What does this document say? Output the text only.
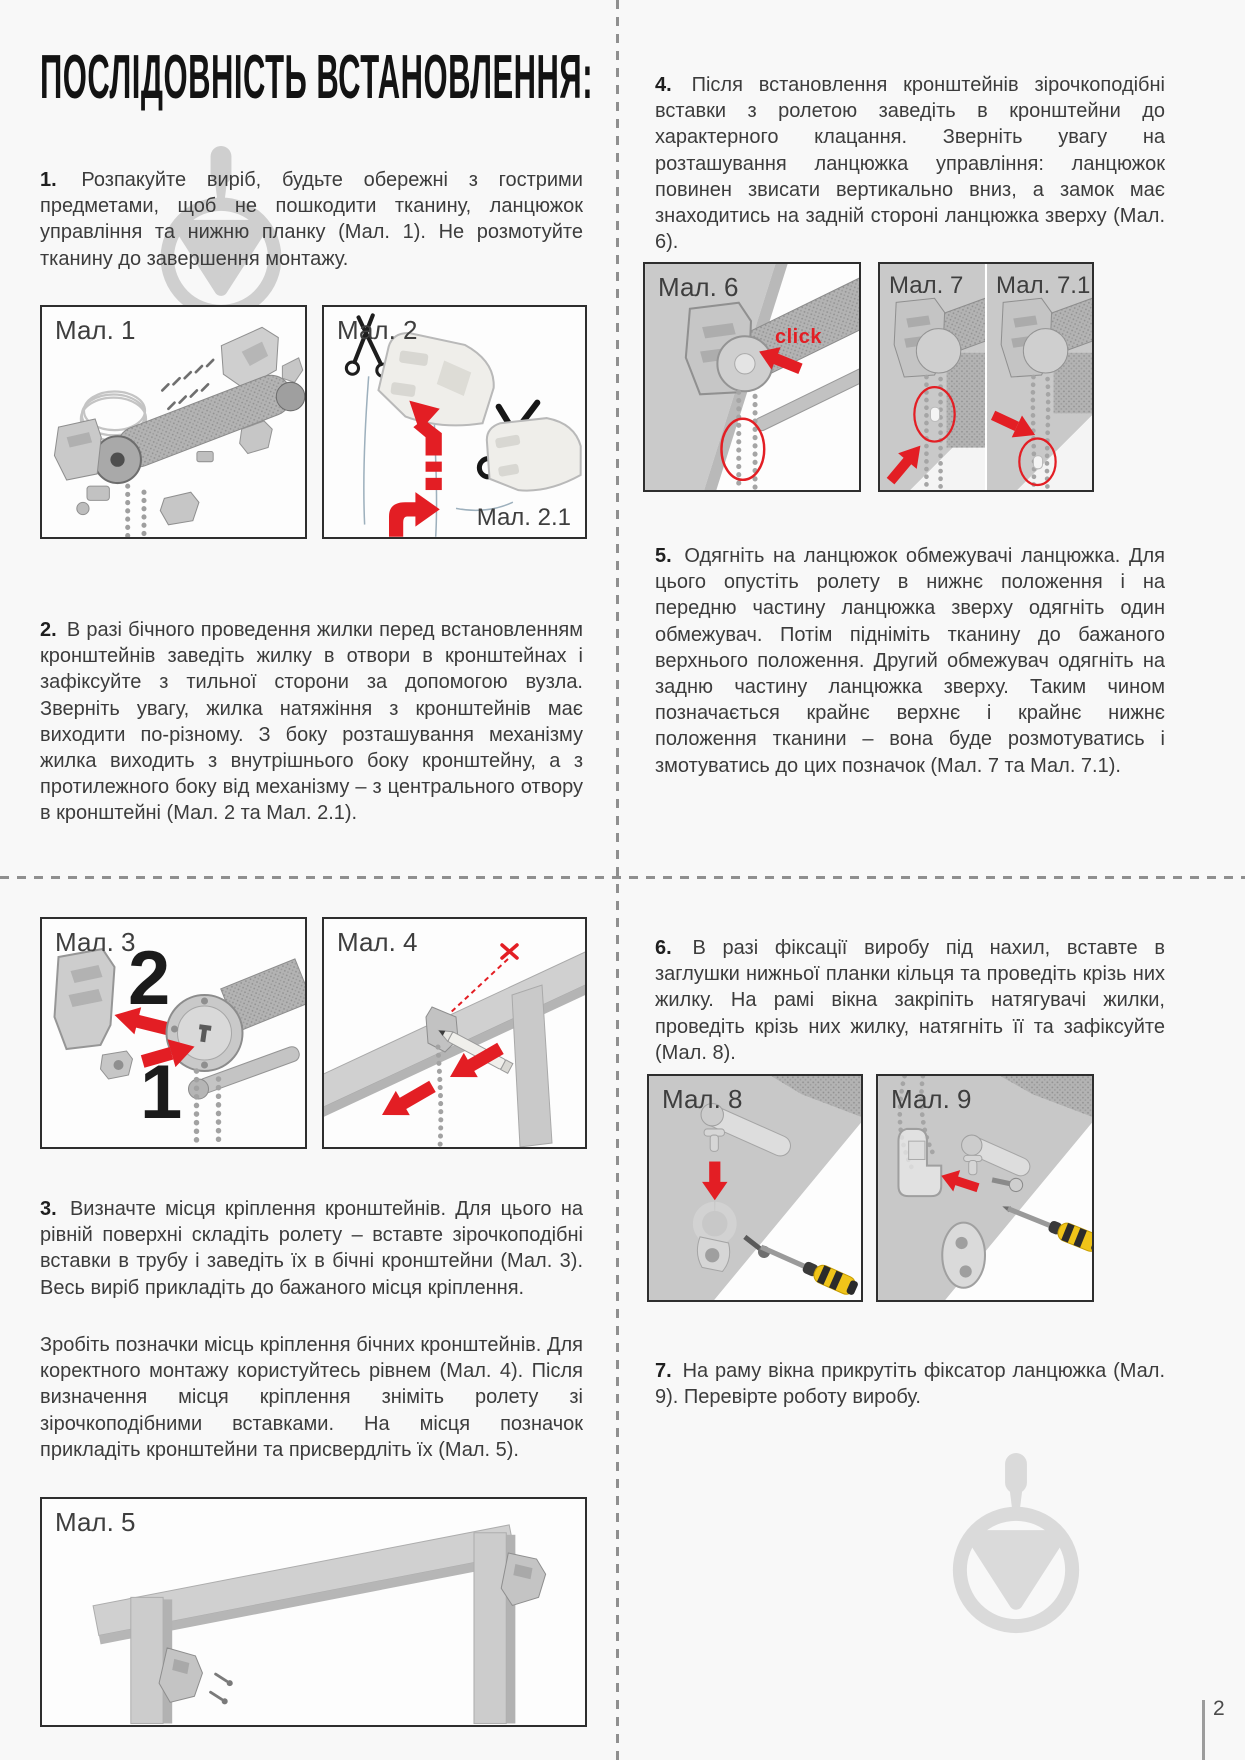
ПОСЛІДОВНІСТЬ ВСТАНОВЛЕННЯ:

1. Розпакуйте виріб, будьте обережні з гострими предметами, щоб не пошкодити тканину, ланцюжок управління та нижню планку (Мал. 1). Не розмотуйте тканину до завершення монтажу.

2. В разі бічного проведення жилки перед встановленням кронштейнів заведіть жилку в отвори в кронштейнах і зафіксуйте з тильної сторони за допомогою вузла. Зверніть увагу, жилка натяжіння з кронштейнів має виходити по-різному. З боку розташування механізму жилка виходить з внутрішнього боку кронштейну, а з протилежного боку від механізму – з центрального отвору в кронштейні (Мал. 2 та Мал. 2.1).

3. Визначте місця кріплення кронштейнів. Для цього на рівній поверхні складіть ролету – вставте зірочкоподібні вставки в трубу і заведіть їх в бічні кронштейни (Мал. 3). Весь виріб прикладіть до бажаного місця кріплення.

Зробіть позначки місць кріплення бічних кронштейнів. Для коректного монтажу користуйтесь рівнем (Мал. 4). Після визначення місця кріплення зніміть ролету зі зірочкоподібними вставками. На місця позначок прикладіть кронштейни та присвердліть їх (Мал. 5).

4. Після встановлення кронштейнів зірочкоподібні вставки з ролетою заведіть в кронштейни до характерного клацання. Зверніть увагу на розташування ланцюжка управління: ланцюжок повинен звисати вертикально вниз, а замок має знаходитись на задній стороні ланцюжка зверху (Мал. 6).

5. Одягніть на ланцюжок обмежувачі ланцюжка. Для цього опустіть ролету в нижнє положення і на передню частину ланцюжка зверху одягніть один обмежувач. Потім підніміть тканину до бажаного верхнього положення. Другий обмежувач одягніть на задню частину ланцюжка зверху. Таким чином позначається крайнє верхнє і крайнє нижнє положення тканини – вона буде розмотуватись і змотуватись до цих позначок (Мал. 7 та Мал. 7.1).

6. В разі фіксації виробу під нахил, вставте в заглушки нижньої планки кільця та проведіть крізь них жилку. На рамі вікна закріпіть натягувачі жилки, проведіть крізь них жилку, натягніть її та зафіксуйте (Мал. 8).

7. На раму вікна прикрутіть фіксатор ланцюжка (Мал. 9). Перевірте роботу виробу.

Мал. 1	Мал. 2
Мал. 2.1
Мал. 3
2
1
Мал. 4
Мал. 5
Мал. 6
click
Мал. 7 Мал. 7.1
Мал. 8	Мал. 9
2
